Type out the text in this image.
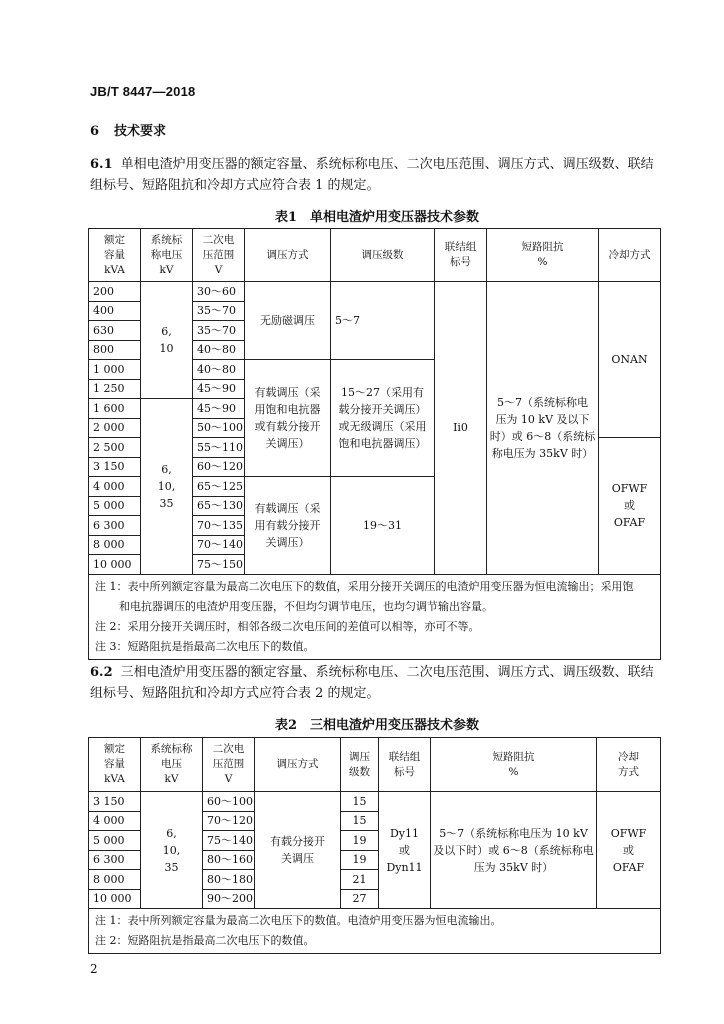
JB/T 8447—2018
6 技术要求
6.1 单相电渣炉用变压器的额定容量、系统标称电压、二次电压范围、调压方式、调压级数、联结组标号、短路阻抗和冷却方式应符合表 1 的规定。
表1　单相电渣炉用变压器技术参数
额定
容量
kVA	系统标
称电压
kV	二次电
压范围
V	调压方式	调压级数	联结组
标号	短路阻抗
%	冷却方式
200	6,
10	30～60	无励磁调压	5～7	Ii0	5～7（系统标称电
压为 10 kV 及以下
时）或 6～8（系统标
称电压为 35kV 时）	ONAN
400		35～70					
630		35～70					
800		40～80					
1 000		40～80	有载调压（采
用饱和电抗器
或有载分接开
关调压）	15～27（采用有
载分接开关调压）
或无级调压（采用
饱和电抗器调压）			
1 250		45～90					
1 600	6,
10,
35	45～90					
2 000		50～100					
2 500		55～110					OFWF
或
OFAF
3 150		60～120					
4 000		65～125	有载调压（采
用有载分接开
关调压）	19～31			
5 000		65～130					
6 300		70～135					
8 000		70～140					
10 000		75～150					

注 1：表中所列额定容量为最高二次电压下的数值，采用分接开关调压的电渣炉用变压器为恒电流输出；采用饱
和电抗器调压的电渣炉用变压器，不但均匀调节电压，也均匀调节输出容量。
注 2：采用分接开关调压时，相邻各级二次电压间的差值可以相等，亦可不等。
注 3：短路阻抗是指最高二次电压下的数值。							
6.2 三相电渣炉用变压器的额定容量、系统标称电压、二次电压范围、调压方式、调压级数、联结组标号、短路阻抗和冷却方式应符合表 2 的规定。
表2　三相电渣炉用变压器技术参数
额定
容量
kVA	系统标称
电压
kV	二次电
压范围
V	调压方式	调压
级数	联结组
标号	短路阻抗
%	冷却
方式
3 150	6,
10,
35	60～100	有载分接开
关调压	15	Dy11
或
Dyn11	5～7（系统标称电压为 10 kV
及以下时）或 6～8（系统标称电
压为 35kV 时）	OFWF
或
OFAF
4 000		70～120		15			
5 000		75～140		19			
6 300		80～160		19			
8 000		80～180		21			
10 000		90～200		27			

注 1：表中所列额定容量为最高二次电压下的数值。电渣炉用变压器为恒电流输出。
注 2：短路阻抗是指最高二次电压下的数值。							
2
